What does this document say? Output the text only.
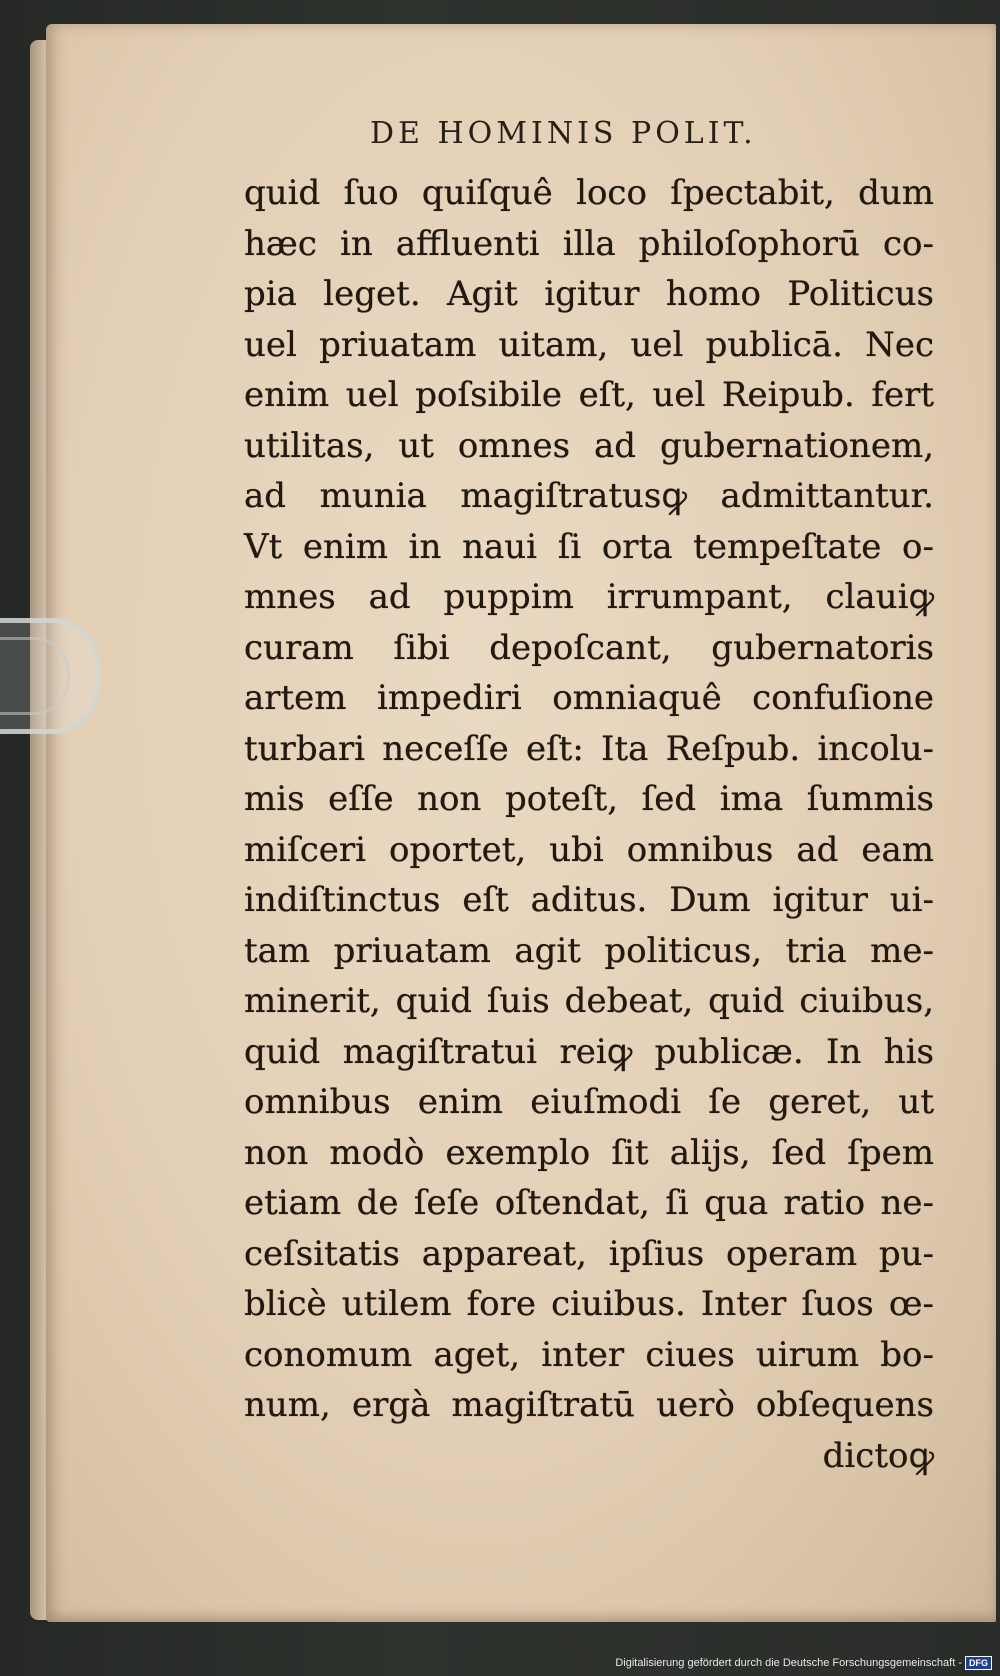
DE HOMINIS POLIT.
quid ſuo quiſquê loco ſpectabit, dum
hæc in affluenti illa philoſophorū co-
pia leget. Agit igitur homo Politicus
uel priuatam uitam, uel publicā. Nec
enim uel poſsibile eſt, uel Reipub. fert
utilitas, ut omnes ad gubernationem,
ad munia magiſtratusꝙ admittantur.
Vt enim in naui ſi orta tempeſtate o-
mnes ad puppim irrumpant, clauiꝙ
curam ſibi depoſcant, gubernatoris
artem impediri omniaquê confuſione
turbari neceſſe eſt: Ita Reſpub. incolu-
mis eſſe non poteſt, ſed ima ſummis
miſceri oportet, ubi omnibus ad eam
indiſtinctus eſt aditus. Dum igitur ui-
tam priuatam agit politicus, tria me-
minerit, quid ſuis debeat, quid ciuibus,
quid magiſtratui reiꝙ publicæ. In his
omnibus enim eiuſmodi ſe geret, ut
non modò exemplo ſit alijs, ſed ſpem
etiam de ſeſe oſtendat, ſi qua ratio ne-
ceſsitatis appareat, ipſius operam pu-
blicè utilem fore ciuibus. Inter ſuos œ-
conomum aget, inter ciues uirum bo-
num, ergà magiſtratū uerò obſequens
dictoꝙ
Digitalisierung gefördert durch die Deutsche Forschungsgemeinschaft - DFG
